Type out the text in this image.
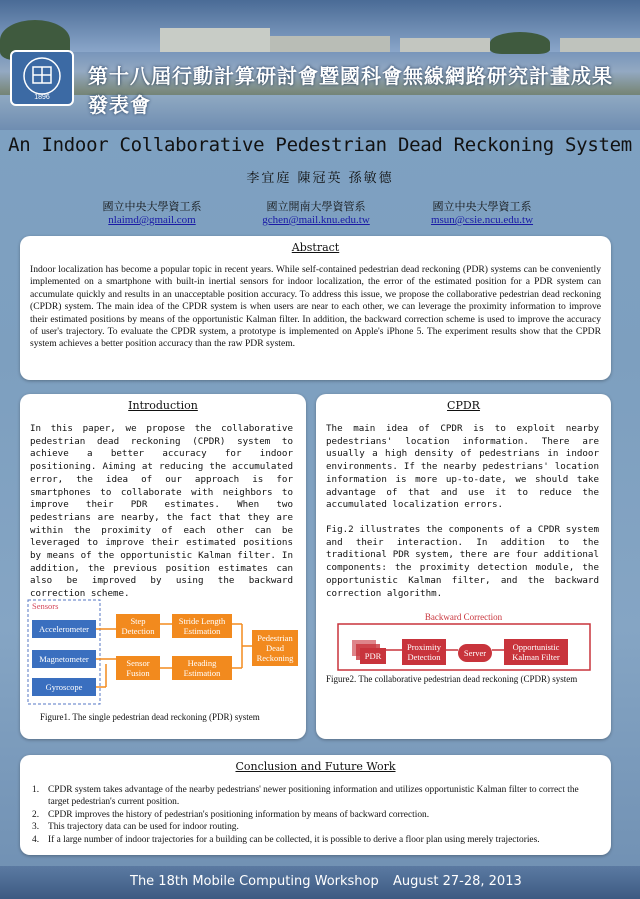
1896
第十八屆行動計算研討會暨國科會無線網路研究計畫成果發表會
An Indoor Collaborative Pedestrian Dead Reckoning System
李宜庭 陳冠英 孫敏德
國立中央大學資工系
nlaimd@gmail.com
國立開南大學資管系
gchen@mail.knu.edu.tw
國立中央大學資工系
msun@csie.ncu.edu.tw
Abstract
Indoor localization has become a popular topic in recent years. While self-contained pedestrian dead reckoning (PDR) systems can be conveniently implemented on a smartphone with built-in inertial sensors for indoor localization, the error of the estimated position for a PDR system can accumulate quickly and results in an unacceptable position accuracy. To address this issue, we propose the collaborative pedestrian dead reckoning (CPDR) system. The main idea of the CPDR system is when users are near to each other, we can leverage the proximity information to improve their estimated positions by means of the opportunistic Kalman filter. In addition, the backward correction scheme is used to improve the accuracy of user's trajectory. To evaluate the CPDR system, a prototype is implemented on Apple's iPhone 5. The experiment results show that the CPDR system achieves a better position accuracy than the raw PDR system.
Introduction
In this paper, we propose the collaborative pedestrian dead reckoning (CPDR) system to achieve a better accuracy for indoor positioning. Aiming at reducing the accumulated error, the idea of our approach is for smartphones to collaborate with neighbors to improve their PDR estimates. When two pedestrians are nearby, the fact that they are within the proximity of each other can be leveraged to improve their estimated positions by means of the opportunistic Kalman filter. In addition, the previous position estimates can also be improved by using the backward correction scheme.
Sensors
Accelerometer
Magnetometer
Gyroscope
Step Detection
Stride Length Estimation
Sensor Fusion
Heading Estimation
Pedestrian Dead Reckoning
Figure1. The single pedestrian dead reckoning (PDR) system
CPDR
The main idea of CPDR is to exploit nearby pedestrians' location information. There are usually a high density of pedestrians in indoor environments. If the nearby pedestrians' location information is more up-to-date, we should take advantage of that and use it to reduce the accumulated localization errors.
Fig.2 illustrates the components of a CPDR system and their interaction. In addition to the traditional PDR system, there are four additional components: the proximity detection module, the opportunistic Kalman filter, and the backward correction algorithm.
Backward Correction
PDR
Proximity Detection	Server
Opportunistic Kalman Filter
Figure2. The collaborative pedestrian dead reckoning (CPDR) system
Conclusion and Future Work
1. CPDR system takes advantage of the nearby pedestrians' newer positioning information and utilizes opportunistic Kalman filter to correct the target pedestrian's current position.
2. CPDR improves the history of pedestrian's positioning information by means of backward correction.
3. This trajectory data can be used for indoor routing.
4. If a large number of indoor trajectories for a building can be collected, it is possible to derive a floor plan using merely trajectories.
The 18th Mobile Computing Workshop August 27-28, 2013
